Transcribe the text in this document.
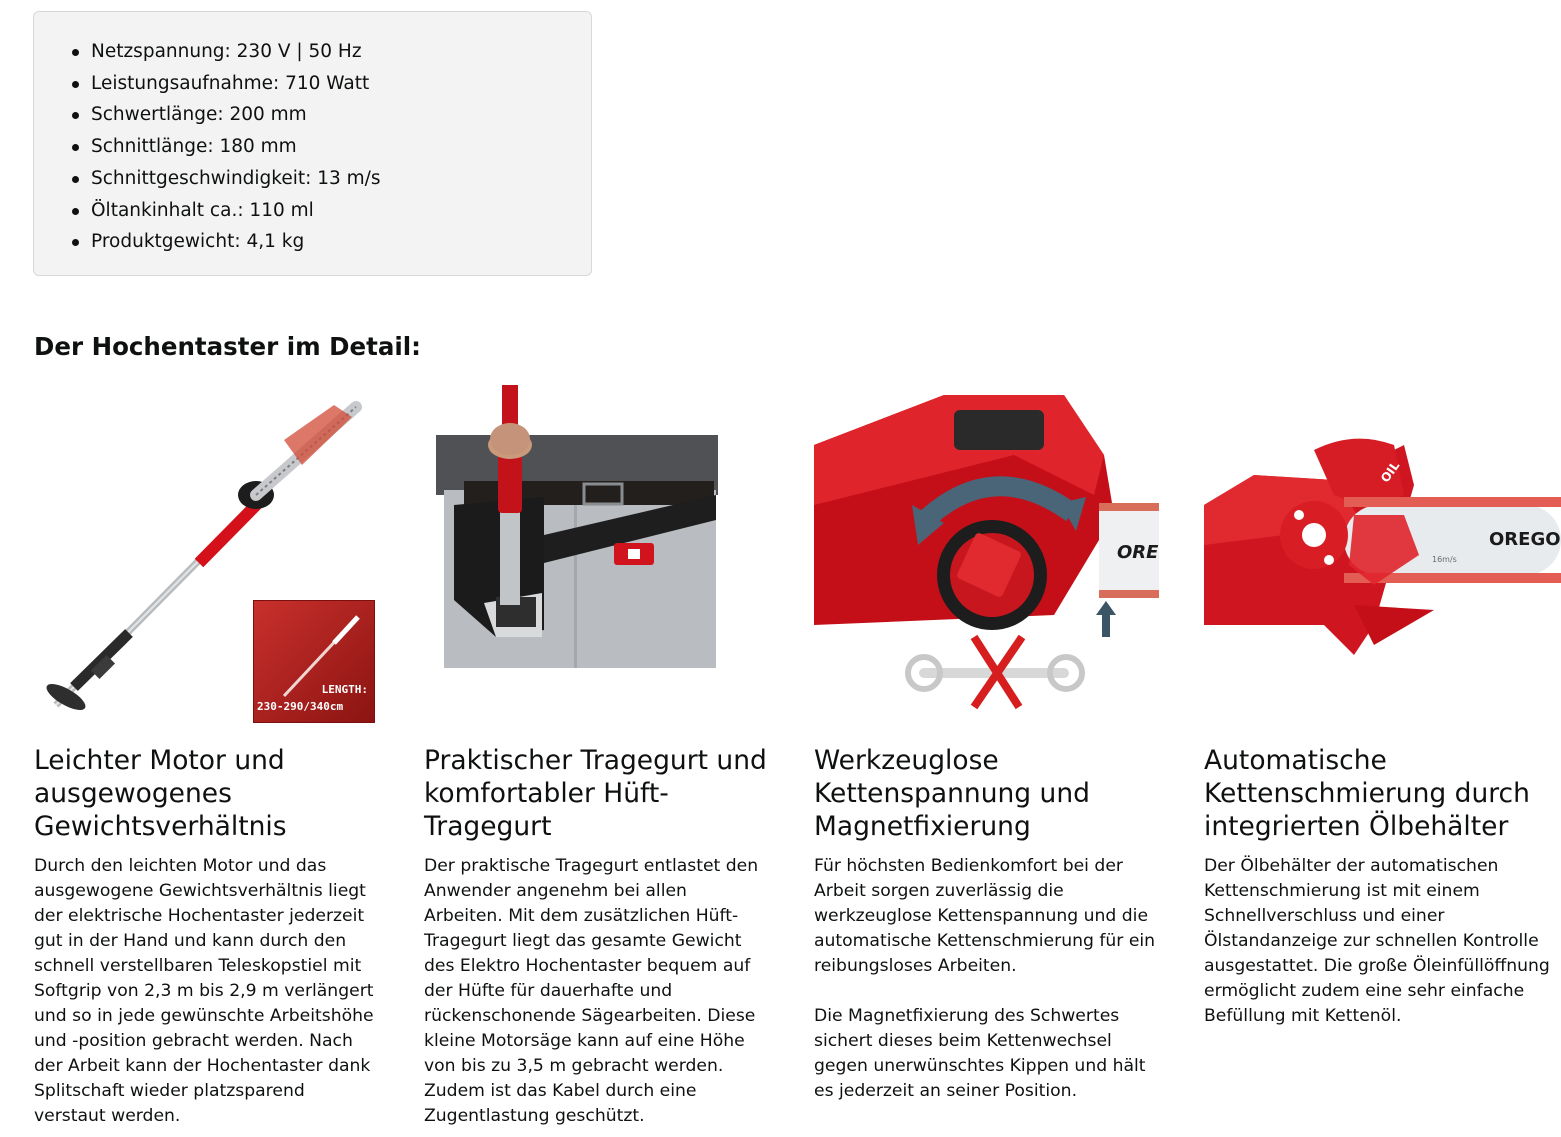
Netzspannung: 230 V | 50 Hz
Leistungsaufnahme: 710 Watt
Schwertlänge: 200 mm
Schnittlänge: 180 mm
Schnittgeschwindigkeit: 13 m/s
Öltankinhalt ca.: 110 ml
Produktgewicht: 4,1 kg
Der Hochentaster im Detail:
LENGTH:
230-290/340cm
Leichter Motor und ausgewogenes Gewichtsverhältnis

Durch den leichten Motor und das ausgewogene Gewichtsverhältnis liegt der elektrische Hochentaster jederzeit gut in der Hand und kann durch den schnell verstellbaren Teleskopstiel mit Softgrip von 2,3 m bis 2,9 m verlängert und so in jede gewünschte Arbeitshöhe und -position gebracht werden. Nach der Arbeit kann der Hochentaster dank Splitschaft wieder platzsparend verstaut werden.

Praktischer Tragegurt und komfortabler Hüft-Tragegurt

Der praktische Tragegurt entlastet den Anwender angenehm bei allen Arbeiten. Mit dem zusätzlichen Hüft-Tragegurt liegt das gesamte Gewicht des Elektro Hochentaster bequem auf der Hüfte für dauerhafte und rückenschonende Sägearbeiten. Diese kleine Motorsäge kann auf eine Höhe von bis zu 3,5 m gebracht werden. Zudem ist das Kabel durch eine Zugentlastung geschützt.

ORE
Werkzeuglose Kettenspannung und Magnetfixierung

Für höchsten Bedienkomfort bei der Arbeit sorgen zuverlässig die werkzeuglose Kettenspannung und die automatische Kettenschmierung für ein reibungsloses Arbeiten.

Die Magnetfixierung des Schwertes sichert dieses beim Kettenwechsel gegen unerwünschtes Kippen und hält es jederzeit an seiner Position.

OIL
OREGO
16m/s
Automatische Kettenschmierung durch integrierten Ölbehälter

Der Ölbehälter der automatischen Kettenschmierung ist mit einem Schnellverschluss und einer Ölstandanzeige zur schnellen Kontrolle ausgestattet. Die große Öleinfüllöffnung ermöglicht zudem eine sehr einfache Befüllung mit Kettenöl.
